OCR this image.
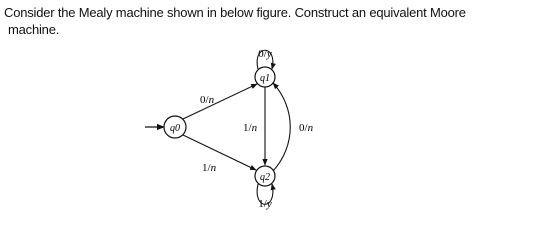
Consider the Mealy machine shown in below figure. Construct an equivalent Moore
machine.
q0
q1
q2
0/y
1/y
0/n
1/n
1/n	0/n
